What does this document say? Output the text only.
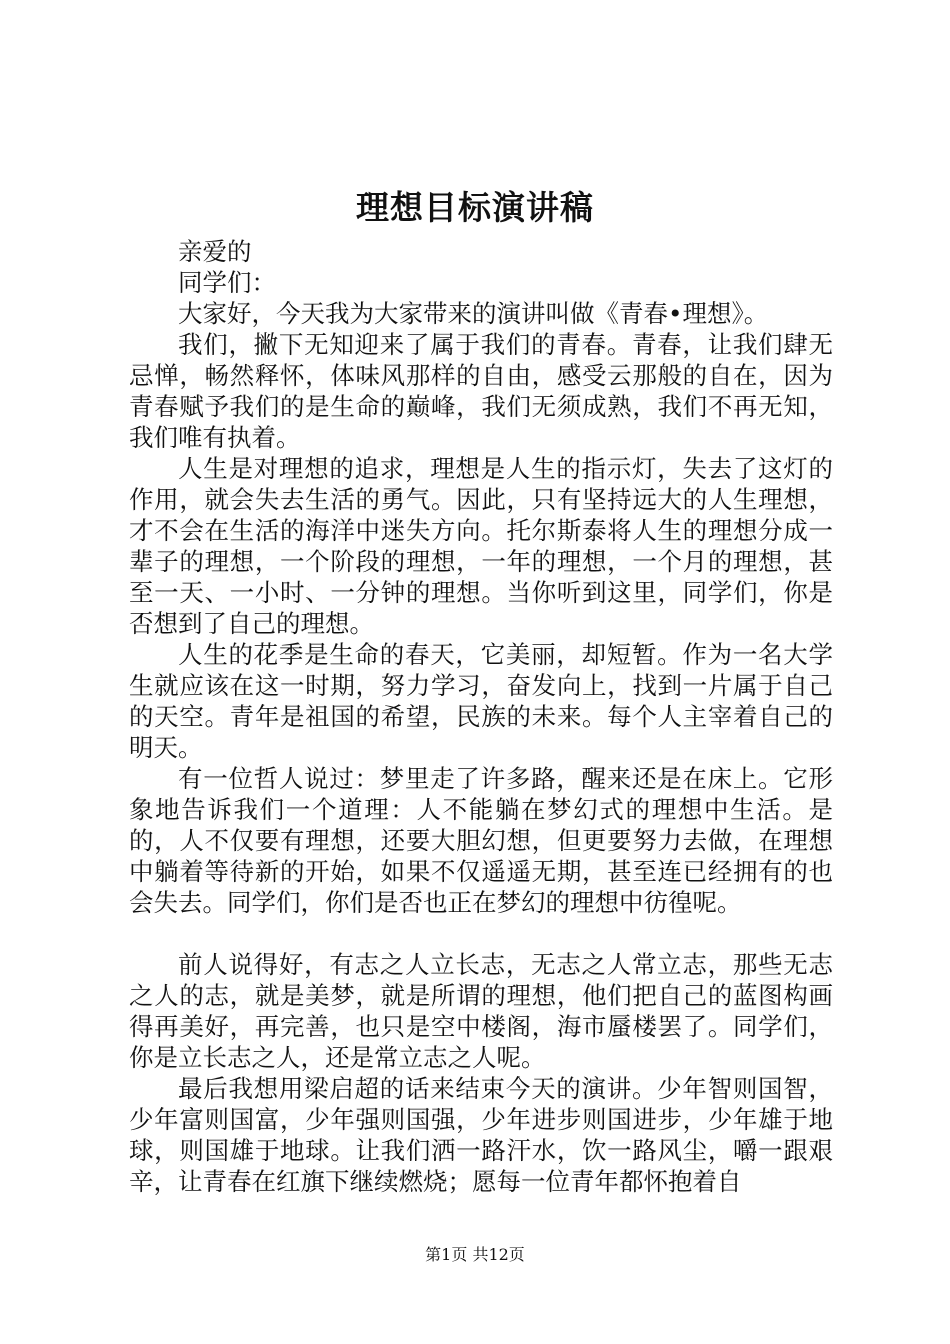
理想目标演讲稿

亲爱的

同学们：

大家好，今天我为大家带来的演讲叫做《青春•理想》。

我们，撇下无知迎来了属于我们的青春。青春，让我们肆无忌惮，畅然释怀，体味风那样的自由，感受云那般的自在，因为青春赋予我们的是生命的巅峰，我们无须成熟，我们不再无知，我们唯有执着。

人生是对理想的追求，理想是人生的指示灯，失去了这灯的作用，就会失去生活的勇气。因此，只有坚持远大的人生理想，才不会在生活的海洋中迷失方向。托尔斯泰将人生的理想分成一辈子的理想，一个阶段的理想，一年的理想，一个月的理想，甚至一天、一小时、一分钟的理想。当你听到这里，同学们，你是否想到了自己的理想。

人生的花季是生命的春天，它美丽，却短暂。作为一名大学生就应该在这一时期，努力学习，奋发向上，找到一片属于自己的天空。青年是祖国的希望，民族的未来。每个人主宰着自己的明天。

有一位哲人说过：梦里走了许多路，醒来还是在床上。它形象地告诉我们一个道理：人不能躺在梦幻式的理想中生活。是的，人不仅要有理想，还要大胆幻想，但更要努力去做，在理想中躺着等待新的开始，如果不仅遥遥无期，甚至连已经拥有的也会失去。同学们，你们是否也正在梦幻的理想中彷徨呢。

前人说得好，有志之人立长志，无志之人常立志，那些无志之人的志，就是美梦，就是所谓的理想，他们把自己的蓝图构画得再美好，再完善，也只是空中楼阁，海市蜃楼罢了。同学们，你是立长志之人，还是常立志之人呢。

最后我想用梁启超的话来结束今天的演讲。少年智则国智，少年富则国富，少年强则国强，少年进步则国进步，少年雄于地球，则国雄于地球。让我们洒一路汗水，饮一路风尘，嚼一跟艰辛，让青春在红旗下继续燃烧；愿每一位青年都怀抱着自

第1页 共12页
